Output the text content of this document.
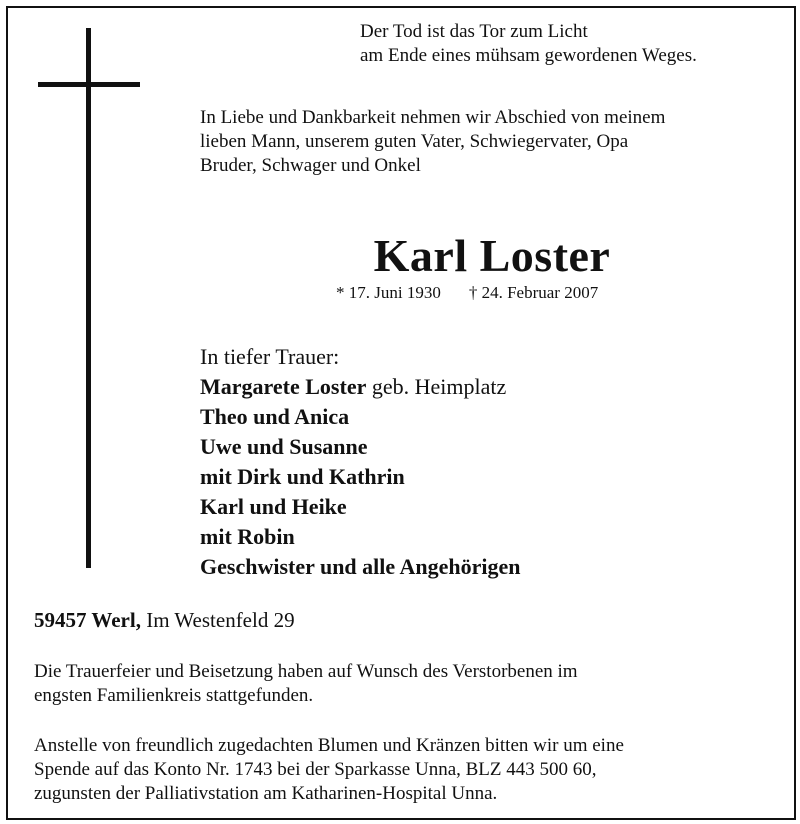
Der Tod ist das Tor zum Licht
am Ende eines mühsam gewordenen Weges.
In Liebe und Dankbarkeit nehmen wir Abschied von meinem
lieben Mann, unserem guten Vater, Schwiegervater, Opa
Bruder, Schwager und Onkel
Karl Loster
* 17. Juni 1930 † 24. Februar 2007
In tiefer Trauer:
Margarete Loster geb. Heimplatz
Theo und Anica
Uwe und Susanne
mit Dirk und Kathrin
Karl und Heike
mit Robin
Geschwister und alle Angehörigen
59457 Werl, Im Westenfeld 29
Die Trauerfeier und Beisetzung haben auf Wunsch des Verstorbenen im
engsten Familienkreis stattgefunden.
Anstelle von freundlich zugedachten Blumen und Kränzen bitten wir um eine
Spende auf das Konto Nr. 1743 bei der Sparkasse Unna, BLZ 443 500 60,
zugunsten der Palliativstation am Katharinen-Hospital Unna.
